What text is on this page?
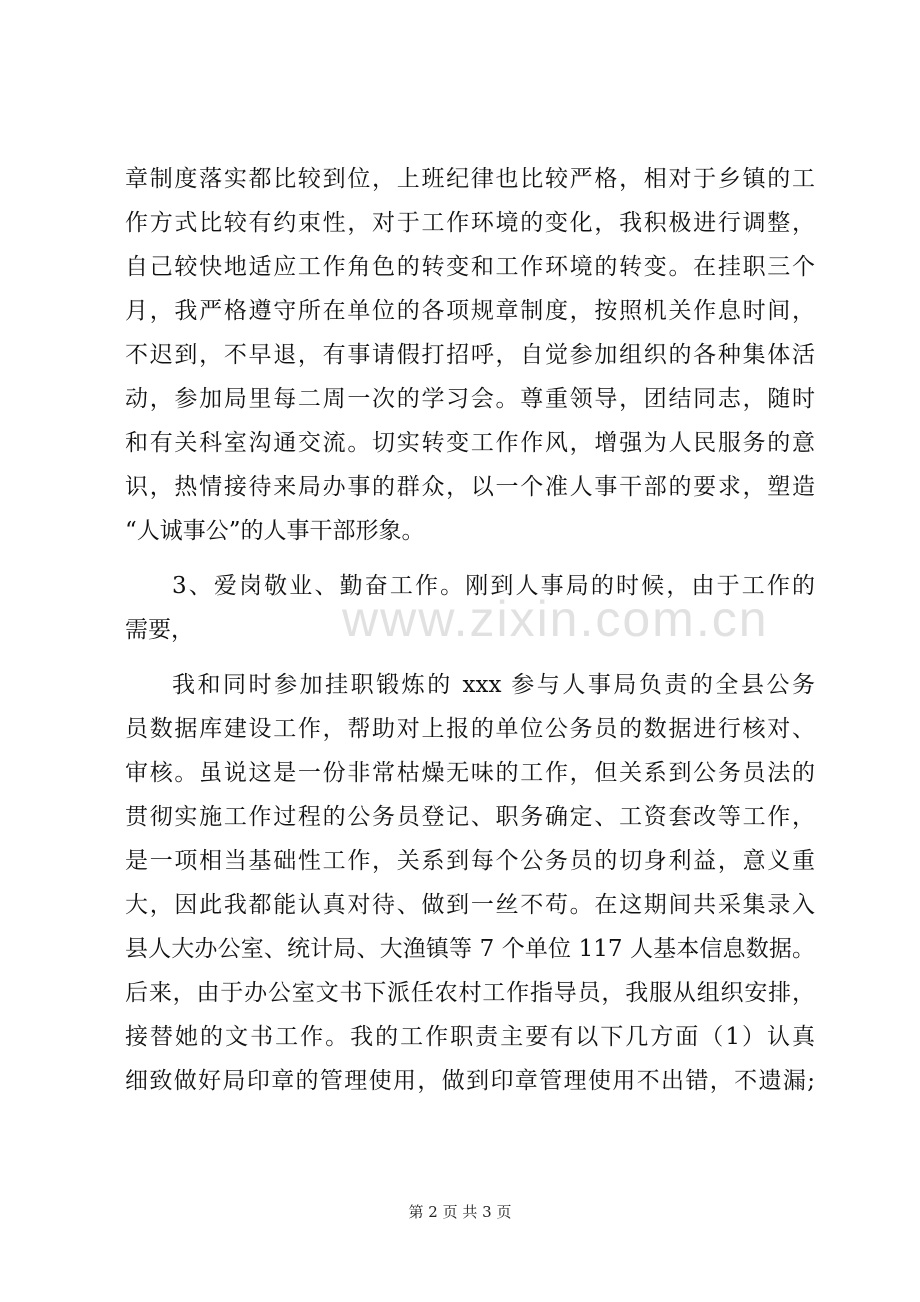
www.zixin.com.cn
章制度落实都比较到位，上班纪律也比较严格，相对于乡镇的工
作方式比较有约束性，对于工作环境的变化，我积极进行调整，
自己较快地适应工作角色的转变和工作环境的转变。在挂职三个
月，我严格遵守所在单位的各项规章制度，按照机关作息时间，
不迟到，不早退，有事请假打招呼，自觉参加组织的各种集体活
动，参加局里每二周一次的学习会。尊重领导，团结同志，随时
和有关科室沟通交流。切实转变工作作风，增强为人民服务的意
识，热情接待来局办事的群众，以一个准人事干部的要求，塑造
“人诚事公”的人事干部形象。
3、爱岗敬业、勤奋工作。刚到人事局的时候，由于工作的
需要，
我和同时参加挂职锻炼的 xxx 参与人事局负责的全县公务
员数据库建设工作，帮助对上报的单位公务员的数据进行核对、
审核。虽说这是一份非常枯燥无味的工作，但关系到公务员法的
贯彻实施工作过程的公务员登记、职务确定、工资套改等工作，
是一项相当基础性工作，关系到每个公务员的切身利益，意义重
大，因此我都能认真对待、做到一丝不苟。在这期间共采集录入
县人大办公室、统计局、大渔镇等 7 个单位 117 人基本信息数据。
后来，由于办公室文书下派任农村工作指导员，我服从组织安排，
接替她的文书工作。我的工作职责主要有以下几方面（1）认真
细致做好局印章的管理使用，做到印章管理使用不出错，不遗漏;
第 2 页 共 3 页
